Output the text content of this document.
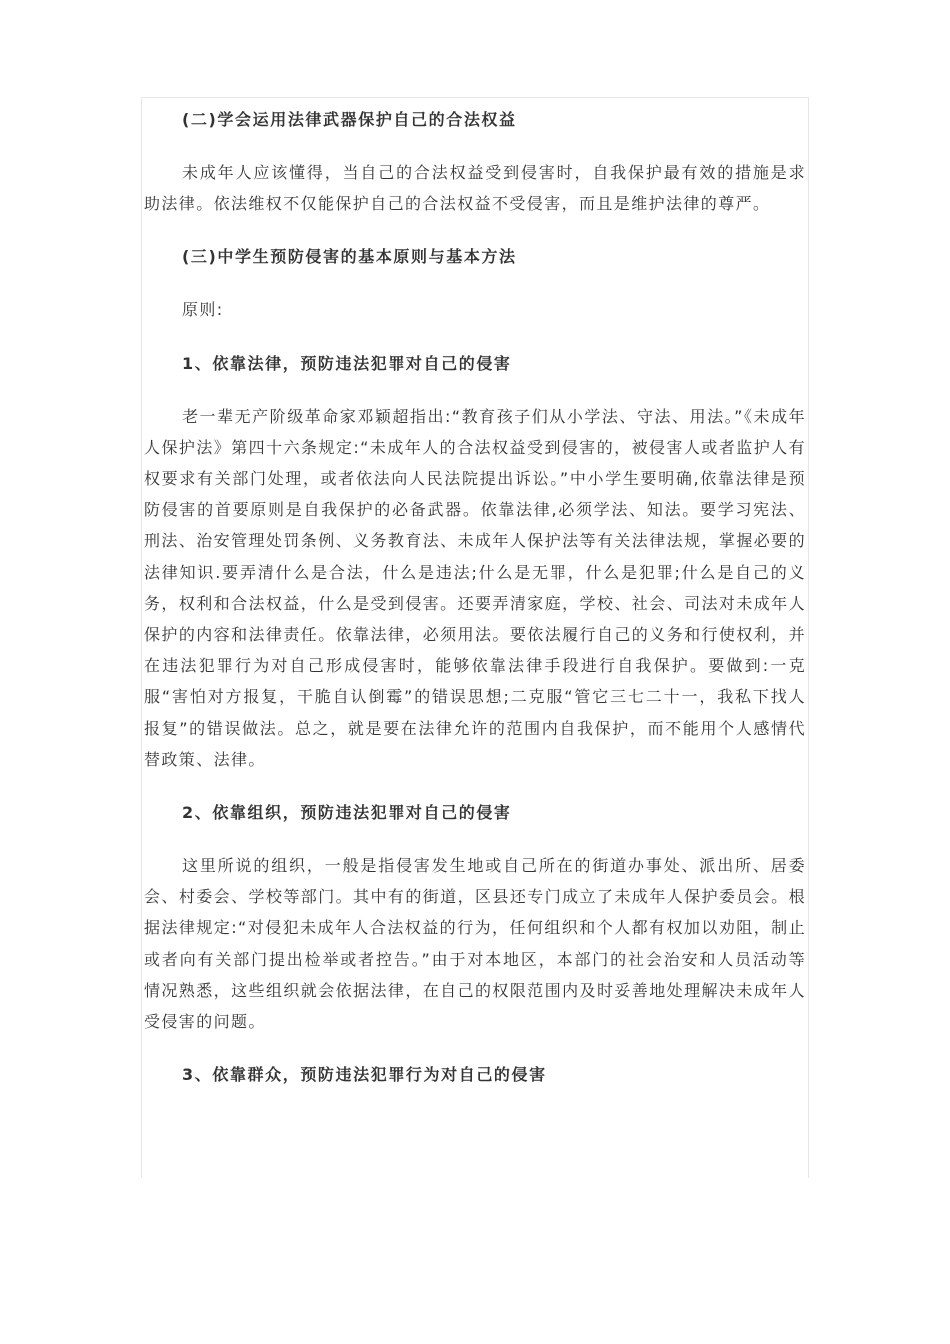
(二)学会运用法律武器保护自己的合法权益

未成年人应该懂得，当自己的合法权益受到侵害时，自我保护最有效的措施是求助法律。依法维权不仅能保护自己的合法权益不受侵害，而且是维护法律的尊严。

(三)中学生预防侵害的基本原则与基本方法

原则:

1、依靠法律，预防违法犯罪对自己的侵害

老一辈无产阶级革命家邓颖超指出:“教育孩子们从小学法、守法、用法。”《未成年人保护法》第四十六条规定:“未成年人的合法权益受到侵害的，被侵害人或者监护人有权要求有关部门处理，或者依法向人民法院提出诉讼。”中小学生要明确,依靠法律是预防侵害的首要原则是自我保护的必备武器。依靠法律,必须学法、知法。要学习宪法、刑法、治安管理处罚条例、义务教育法、未成年人保护法等有关法律法规，掌握必要的法律知识.要弄清什么是合法，什么是违法;什么是无罪，什么是犯罪;什么是自己的义务，权利和合法权益，什么是受到侵害。还要弄清家庭，学校、社会、司法对未成年人保护的内容和法律责任。依靠法律，必须用法。要依法履行自己的义务和行使权利，并在违法犯罪行为对自己形成侵害时，能够依靠法律手段进行自我保护。要做到:一克服“害怕对方报复，干脆自认倒霉”的错误思想;二克服“管它三七二十一，我私下找人报复”的错误做法。总之，就是要在法律允许的范围内自我保护，而不能用个人感情代替政策、法律。

2、依靠组织，预防违法犯罪对自己的侵害

这里所说的组织，一般是指侵害发生地或自己所在的街道办事处、派出所、居委会、村委会、学校等部门。其中有的街道，区县还专门成立了未成年人保护委员会。根据法律规定:“对侵犯未成年人合法权益的行为，任何组织和个人都有权加以劝阻，制止或者向有关部门提出检举或者控告。”由于对本地区，本部门的社会治安和人员活动等情况熟悉，这些组织就会依据法律，在自己的权限范围内及时妥善地处理解决未成年人受侵害的问题。

3、依靠群众，预防违法犯罪行为对自己的侵害
